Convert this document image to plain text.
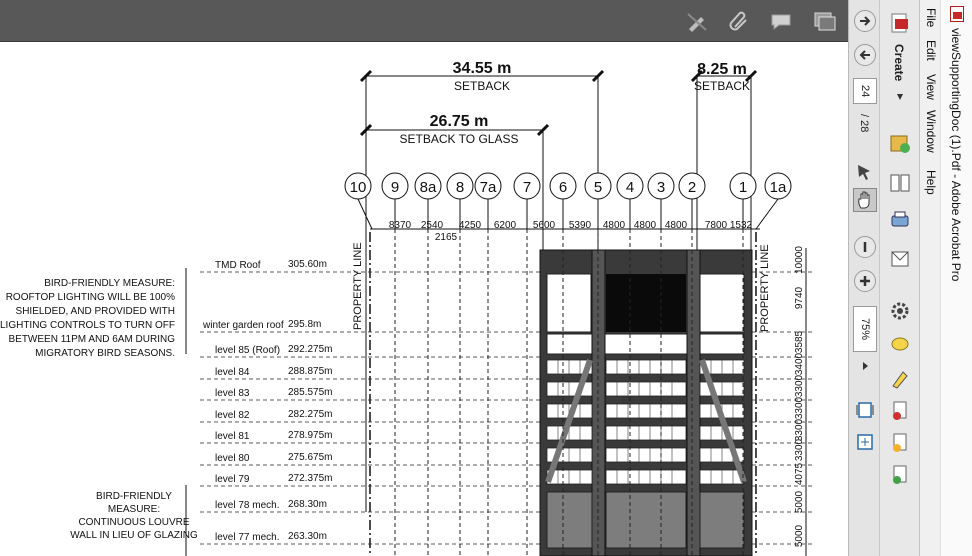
34.55 m
SETBACK
26.75 m
SETBACK TO GLASS
8.25 m
SETBACK
10 9 8a 8 7a 7 6 5 4 3 2	1 1a
8370 2540
2165
4250 6200 5600 5390 4800 4800 4800 7800 1532
PROPERTY LINE	PROPERTY LINE
TMD Roof	305.60m
winter garden roof 295.8m
level 85 (Roof) 292.275m
level 84	288.875m
level 83	285.575m
level 82	282.275m
level 81	278.975m
level 80	275.675m
level 79	272.375m
level 78 mech. 268.30m
level 77 mech. 263.30m
10000
9740
3585
3400
3300
3300
3300
3300
4075
5000
5000
BIRD-FRIENDLY MEASURE:
ROOFTOP LIGHTING WILL BE 100%
SHIELDED, AND PROVIDED WITH
LIGHTING CONTROLS TO TURN OFF
BETWEEN 11PM AND 6AM DURING
MIGRATORY BIRD SEASONS.
BIRD-FRIENDLY
MEASURE:
CONTINUOUS LOUVRE
WALL IN LIEU OF GLAZING
24
/ 28
75%
Create
File
Edit
View
Window
Help viewSupportingDoc (1).Pdf - Adobe Acrobat Pro
